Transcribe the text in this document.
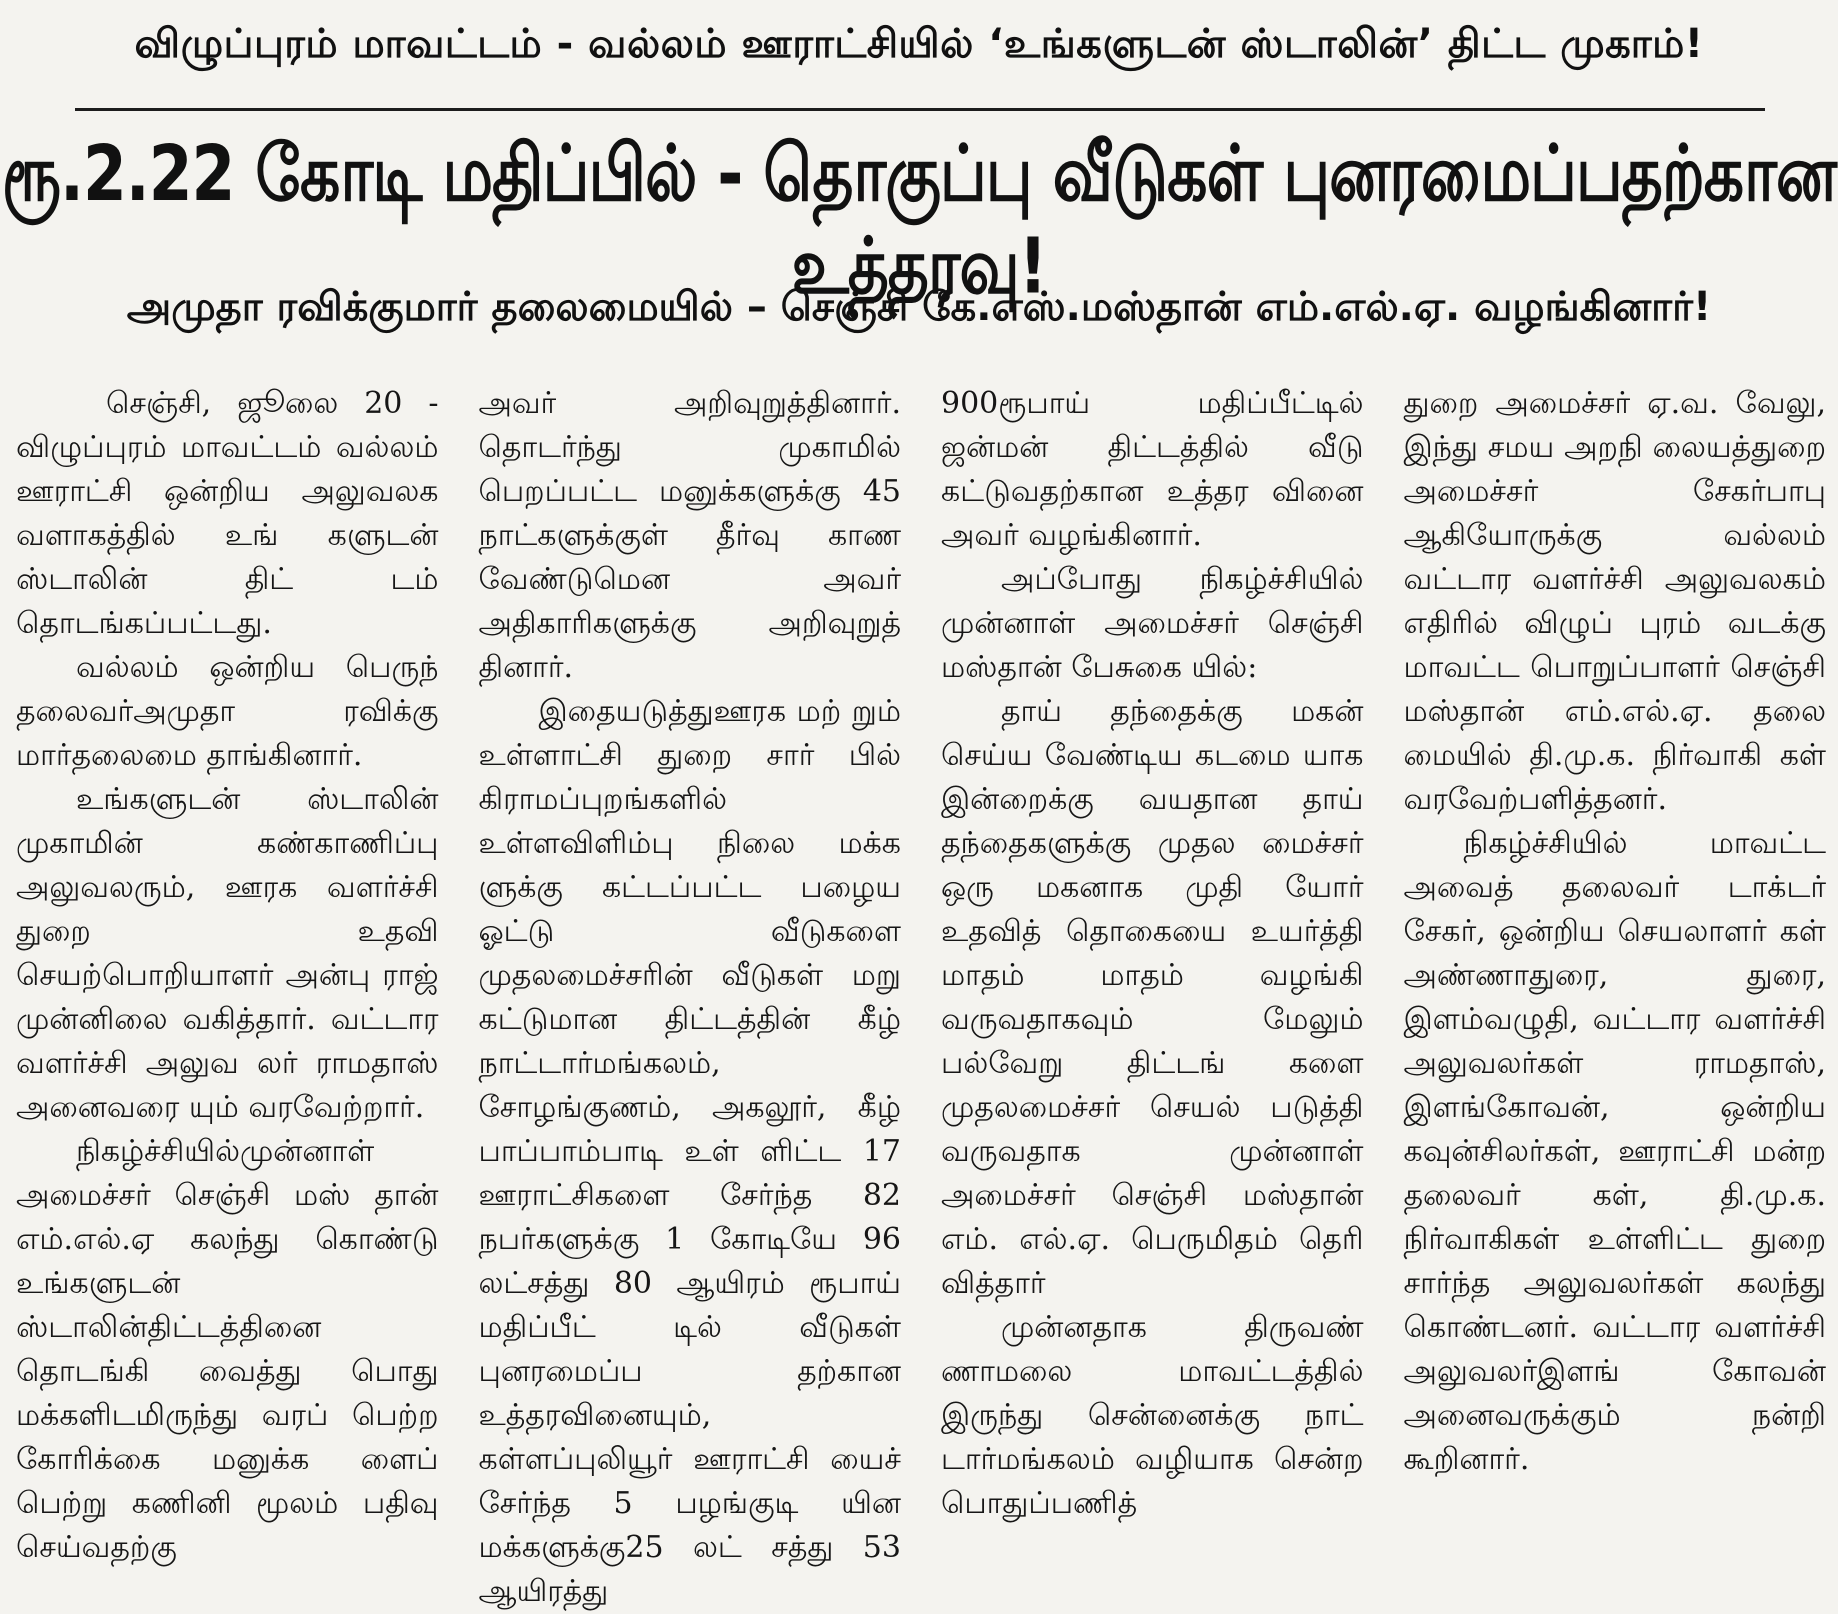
விழுப்புரம் மாவட்டம் - வல்லம் ஊராட்சியில் ‘உங்களுடன் ஸ்டாலின்’ திட்ட முகாம்!
ரூ.2.22 கோடி மதிப்பில் - தொகுப்பு வீடுகள் புனரமைப்பதற்கான உத்தரவு!
அமுதா ரவிக்குமார் தலைமையில் – செஞ்சி கே.எஸ்.மஸ்தான் எம்.எல்.ஏ. வழங்கினார்!

செஞ்சி, ஜூலை 20 - விழுப்புரம் மாவட்டம் வல்லம் ஊராட்சி ஒன்றிய அலுவலக வளாகத்தில் உங் களுடன் ஸ்டாலின் திட் டம் தொடங்கப்பட்டது.

வல்லம் ஒன்றிய பெருந் தலைவர்அமுதா ரவிக்கு மார்தலைமை தாங்கினார்.

உங்களுடன் ஸ்டாலின் முகாமின் கண்காணிப்பு அலுவலரும், ஊரக வளர்ச்சி துறை உதவி செயற்பொறியாளர் அன்பு ராஜ் முன்னிலை வகித்தார். வட்டார வளர்ச்சி அலுவ லர் ராமதாஸ் அனைவரை யும் வரவேற்றார்.

நிகழ்ச்சியில்முன்னாள் அமைச்சர் செஞ்சி மஸ் தான் எம்.எல்.ஏ கலந்து கொண்டு உங்களுடன் ஸ்டாலின்திட்டத்தினை தொடங்கி வைத்து பொது மக்களிடமிருந்து வரப் பெற்ற கோரிக்கை மனுக்க ளைப் பெற்று கணினி மூலம் பதிவு செய்வதற்கு

அவர் அறிவுறுத்தினார். தொடர்ந்து முகாமில் பெறப்பட்ட மனுக்களுக்கு 45 நாட்களுக்குள் தீர்வு காண வேண்டுமென அவர் அதிகாரிகளுக்கு அறிவுறுத் தினார்.

இதையடுத்துஊரக மற் றும் உள்ளாட்சி துறை சார் பில் கிராமப்புறங்களில் உள்ளவிளிம்பு நிலை மக்க ளுக்கு கட்டப்பட்ட பழைய ஓட்டு வீடுகளை முதலமைச்சரின் வீடுகள் மறு கட்டுமான திட்டத்தின் கீழ் நாட்டார்மங்கலம், சோழங்குணம், அகலூர், கீழ் பாப்பாம்பாடி உள் ளிட்ட 17 ஊராட்சிகளை சேர்ந்த 82 நபர்களுக்கு 1 கோடியே 96 லட்சத்து 80 ஆயிரம் ரூபாய் மதிப்பீட் டில் வீடுகள் புனரமைப்ப தற்கான உத்தரவினையும், கள்ளப்புலியூர் ஊராட்சி யைச் சேர்ந்த 5 பழங்குடி யின மக்களுக்கு25 லட் சத்து 53 ஆயிரத்து

900ரூபாய் மதிப்பீட்டில் ஜன்மன் திட்டத்தில் வீடு கட்டுவதற்கான உத்தர வினை அவர் வழங்கினார்.

அப்போது நிகழ்ச்சியில் முன்னாள் அமைச்சர் செஞ்சி மஸ்தான் பேசுகை யில்:

தாய் தந்தைக்கு மகன் செய்ய வேண்டிய கடமை யாக இன்றைக்கு வயதான தாய் தந்தைகளுக்கு முதல மைச்சர் ஒரு மகனாக முதி யோர் உதவித் தொகையை உயர்த்தி மாதம் மாதம் வழங்கி வருவதாகவும் மேலும் பல்வேறு திட்டங் களை முதலமைச்சர் செயல் படுத்தி வருவதாக முன்னாள் அமைச்சர் செஞ்சி மஸ்தான் எம். எல்.ஏ. பெருமிதம் தெரி வித்தார்

முன்னதாக திருவண் ணாமலை மாவட்டத்தில் இருந்து சென்னைக்கு நாட் டார்மங்கலம் வழியாக சென்ற பொதுப்பணித்

துறை அமைச்சர் ஏ.வ. வேலு, இந்து சமய அறநி லையத்துறை அமைச்சர் சேகர்பாபு ஆகியோருக்கு வல்லம் வட்டார வளர்ச்சி அலுவலகம் எதிரில் விழுப் புரம் வடக்கு மாவட்ட பொறுப்பாளர் செஞ்சி மஸ்தான் எம்.எல்.ஏ. தலை மையில் தி.மு.க. நிர்வாகி கள் வரவேற்பளித்தனர்.

நிகழ்ச்சியில் மாவட்ட அவைத் தலைவர் டாக்டர் சேகர், ஒன்றிய செயலாளர் கள் அண்ணாதுரை, துரை, இளம்வழுதி, வட்டார வளர்ச்சி அலுவலர்கள் ராமதாஸ், இளங்கோவன், ஒன்றிய கவுன்சிலர்கள், ஊராட்சி மன்ற தலைவர் கள், தி.மு.க. நிர்வாகிகள் உள்ளிட்ட துறை சார்ந்த அலுவலர்கள் கலந்து கொண்டனர். வட்டார வளர்ச்சி அலுவலர்இளங் கோவன் அனைவருக்கும் நன்றி கூறினார்.
